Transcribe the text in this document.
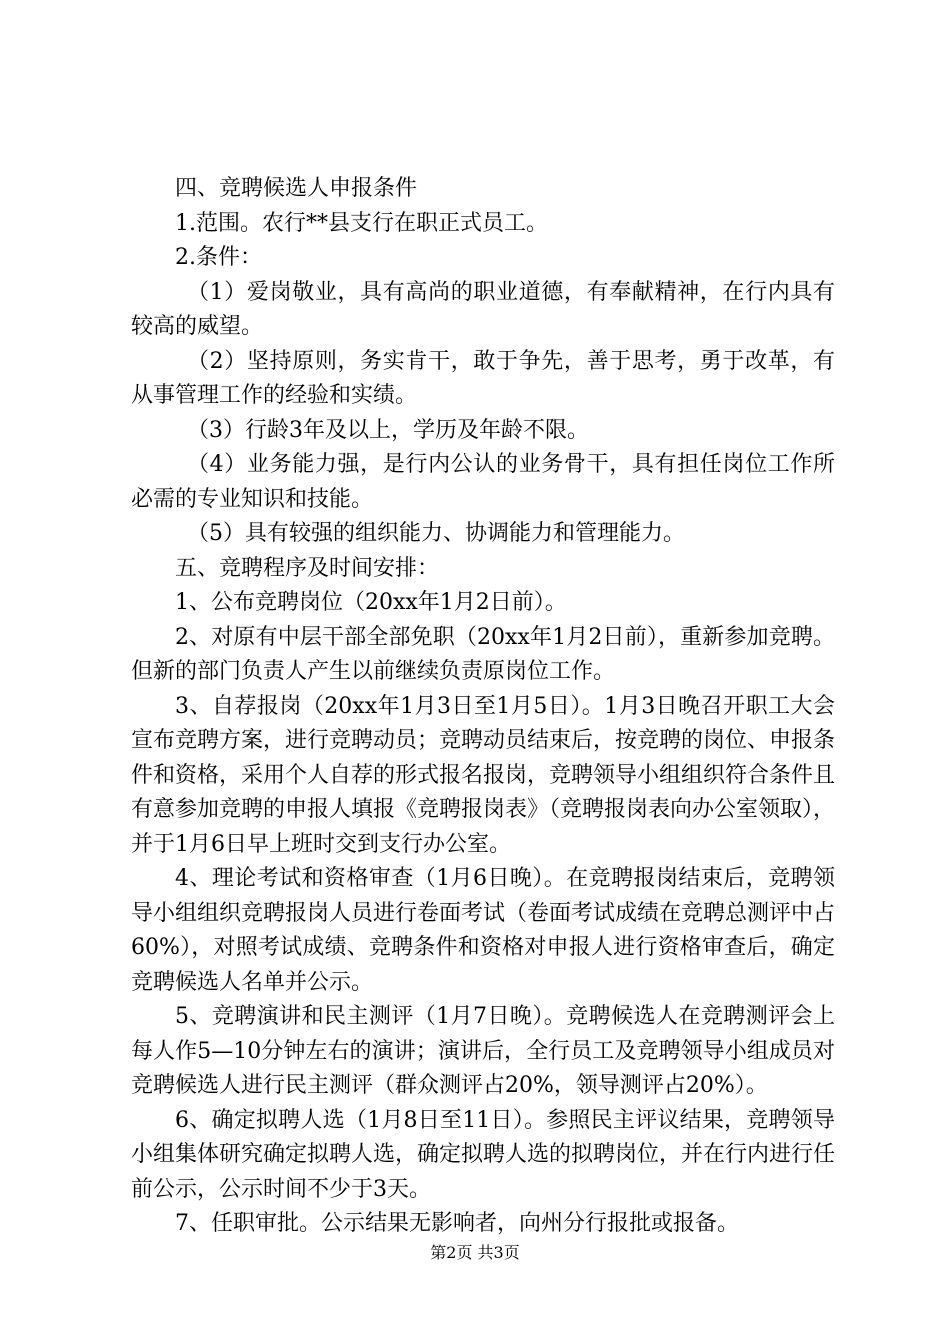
四、竞聘候选人申报条件

1.范围。农行**县支行在职正式员工。

2.条件：

（1）爱岗敬业，具有高尚的职业道德，有奉献精神，在行内具有较高的威望。

（2）坚持原则，务实肯干，敢于争先，善于思考，勇于改革，有从事管理工作的经验和实绩。

（3）行龄3年及以上，学历及年龄不限。

（4）业务能力强，是行内公认的业务骨干，具有担任岗位工作所必需的专业知识和技能。

（5）具有较强的组织能力、协调能力和管理能力。

五、竞聘程序及时间安排：

1、公布竞聘岗位（20xx年1月2日前）。

2、对原有中层干部全部免职（20xx年1月2日前），重新参加竞聘。但新的部门负责人产生以前继续负责原岗位工作。

3、自荐报岗（20xx年1月3日至1月5日）。1月3日晚召开职工大会宣布竞聘方案，进行竞聘动员；竞聘动员结束后，按竞聘的岗位、申报条件和资格，采用个人自荐的形式报名报岗，竞聘领导小组组织符合条件且有意参加竞聘的申报人填报《竞聘报岗表》（竞聘报岗表向办公室领取），并于1月6日早上班时交到支行办公室。

4、理论考试和资格审查（1月6日晚）。在竞聘报岗结束后，竞聘领导小组组织竞聘报岗人员进行卷面考试（卷面考试成绩在竞聘总测评中占60%），对照考试成绩、竞聘条件和资格对申报人进行资格审查后，确定竞聘候选人名单并公示。

5、竞聘演讲和民主测评（1月7日晚）。竞聘候选人在竞聘测评会上每人作5—10分钟左右的演讲；演讲后，全行员工及竞聘领导小组成员对竞聘候选人进行民主测评（群众测评占20%，领导测评占20%）。

6、确定拟聘人选（1月8日至11日）。参照民主评议结果，竞聘领导小组集体研究确定拟聘人选，确定拟聘人选的拟聘岗位，并在行内进行任前公示，公示时间不少于3天。

7、任职审批。公示结果无影响者，向州分行报批或报备。

第2页 共3页
